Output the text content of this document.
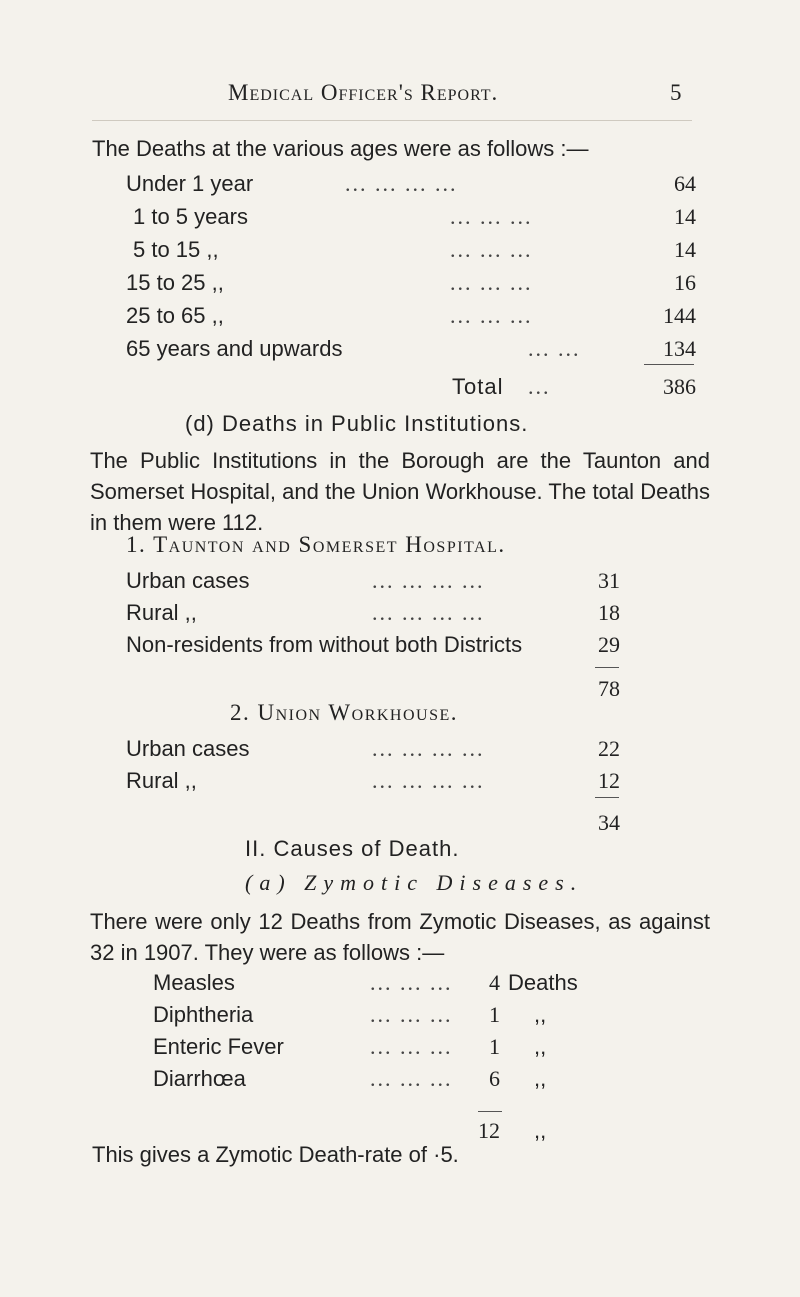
Medical Officer's Report.	5
The Deaths at the various ages were as follows :—
Under 1 year	... ... ... ...	64
1 to 5 years	... ... ...	14
5 to 15 ,,	... ... ...	14
15 to 25 ,,	... ... ...	16
25 to 65 ,,	... ... ...	144
65 years and upwards	... ...	134
Total ...	386
(d) Deaths in Public Institutions.
The Public Institutions in the Borough are the Taunton and Somerset Hospital, and the Union Workhouse. The total Deaths in them were 112.
1. Taunton and Somerset Hospital.
Urban cases	... ... ... ...	31
Rural ,,	... ... ... ...	18
Non-residents from without both Districts	29
78
2. Union Workhouse.
Urban cases	... ... ... ...	22
Rural ,,	... ... ... ...	12
34
II. Causes of Death.
(a) Zymotic Diseases.
There were only 12 Deaths from Zymotic Diseases, as against 32 in 1907. They were as follows :—
Measles	... ... ...	4 Deaths
Diphtheria	... ... ...	1 ,,
Enteric Fever	... ... ...	1 ,,
Diarrhœa	... ... ...	6 ,,
12 ,,
This gives a Zymotic Death-rate of ·5.
